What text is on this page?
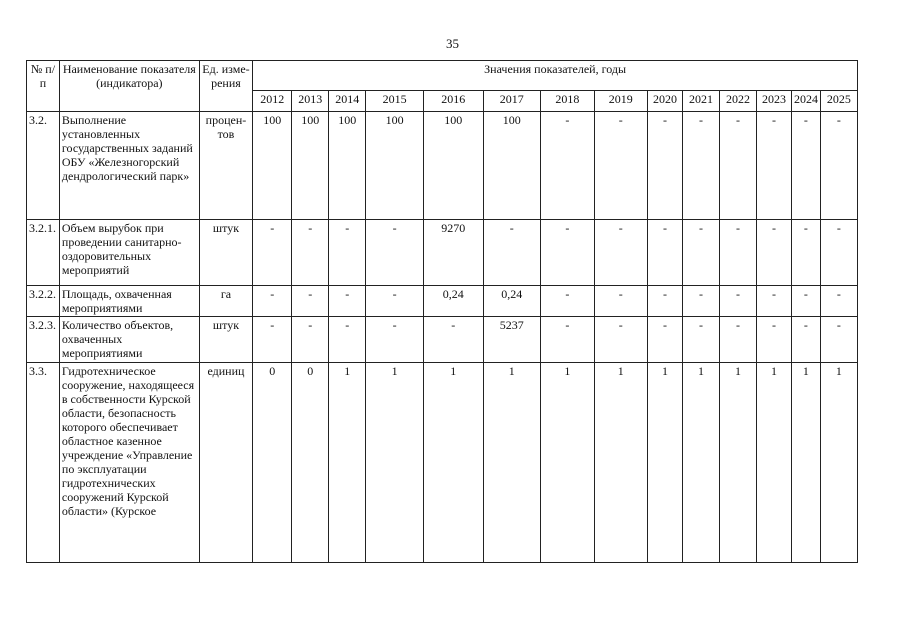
35
№ п/п	Наименование показателя (индикатора)	Ед. изме- рения	Значения показателей, годы													
			2012	2013	2014	2015	2016	2017	2018	2019	2020	2021	2022	2023	2024	2025
3.2.	Выполнение установленных государственных заданий ОБУ «Железногорский дендрологический парк»	процен- тов	100	100	100	100	100	100	-	-	-	-	-	-	-	-
3.2.1.	Объем вырубок при проведении санитарно-оздоровительных мероприятий	штук	-	-	-	-	9270	-	-	-	-	-	-	-	-	-
3.2.2.	Площадь, охваченная мероприятиями	га	-	-	-	-	0,24	0,24	-	-	-	-	-	-	-	-
3.2.3.	Количество объектов, охваченных мероприятиями	штук	-	-	-	-	-	5237	-	-	-	-	-	-	-	-
3.3.	Гидротехническое сооружение, находящееся в собственности Курской области, безопасность которого обеспечивает областное казенное учреждение «Управление по эксплуатации гидротехнических сооружений Курской области» (Курское	единиц	0	0	1	1	1	1	1	1	1	1	1	1	1	1
